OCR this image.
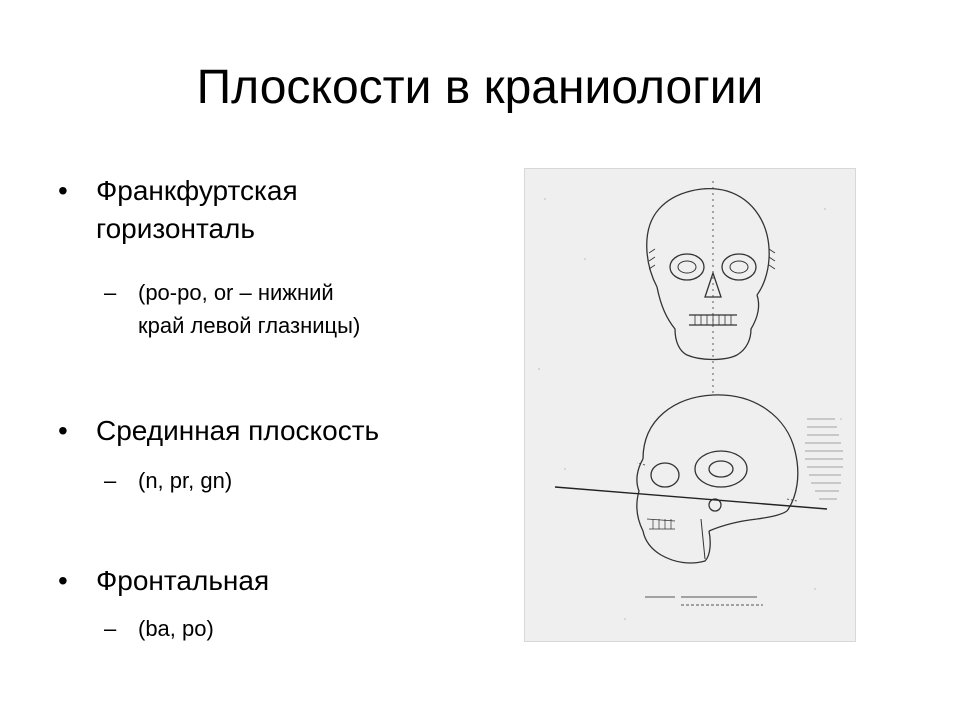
Плоскости в краниологии
• Франкфуртская
горизонталь
– (po-po, or – нижний
край левой глазницы)
• Срединная плоскость
– (n, pr, gn)
• Фронтальная
– (ba, po)
